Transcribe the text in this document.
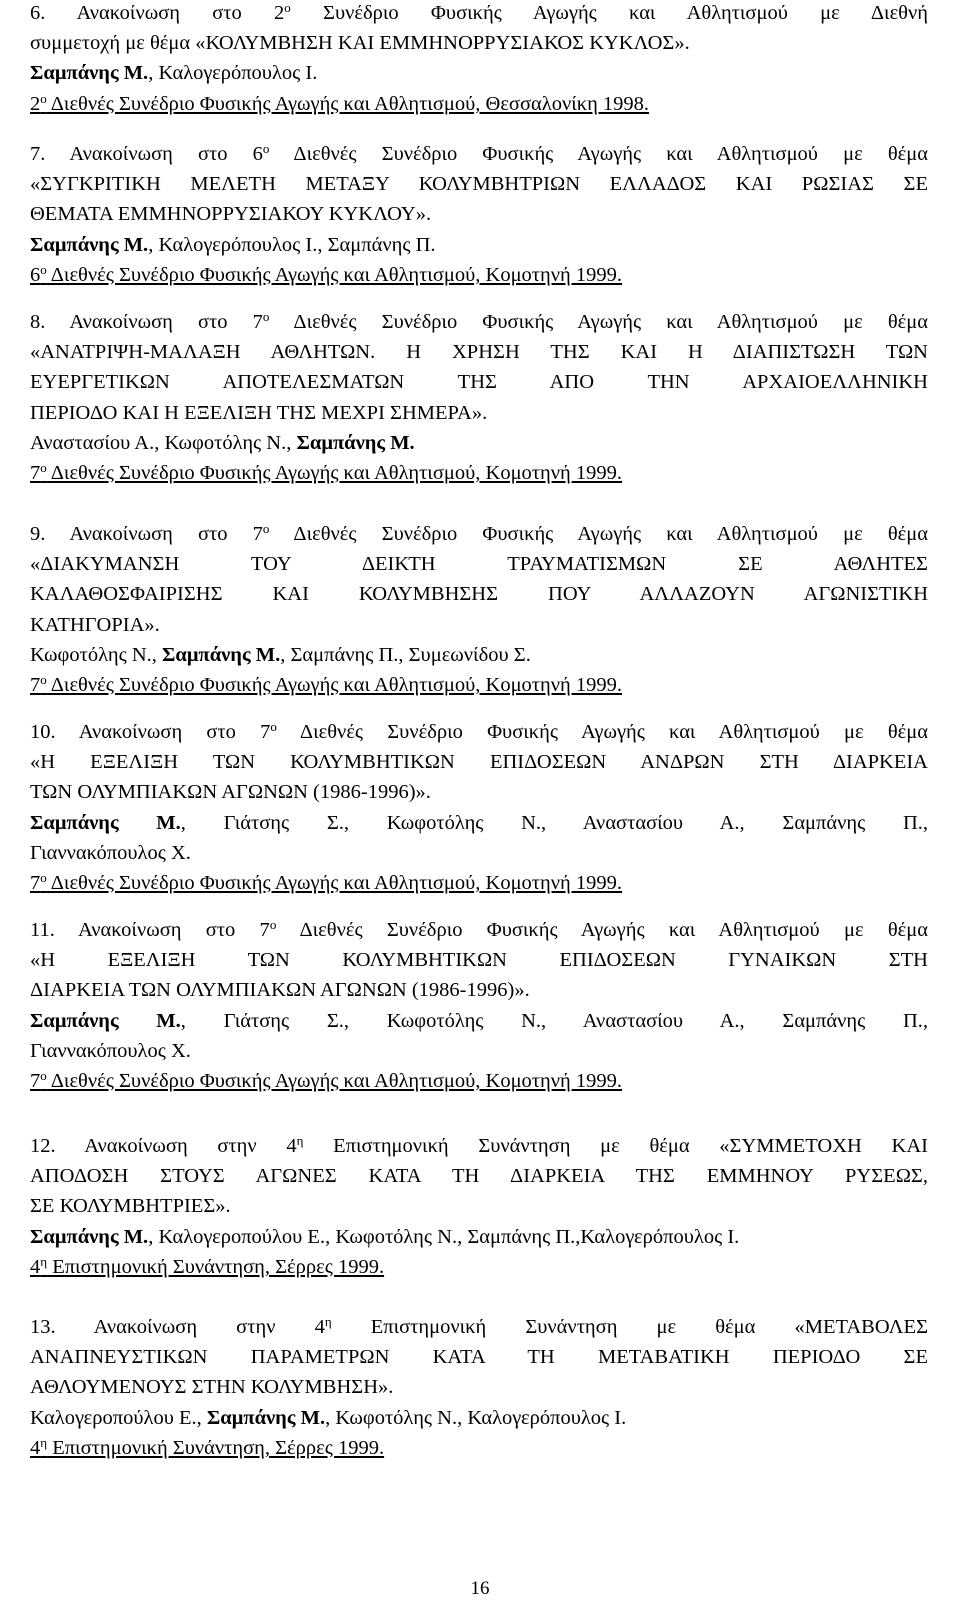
6. Ανακοίνωση στο $2^o$ Συνέδριο Φυσικής Αγωγής και Αθλητισμού με Διεθνή
συμμετοχή με θέμα «ΚΟΛΥΜΒΗΣΗ ΚΑΙ ΕΜΜΗΝΟΡΡΥΣΙΑΚΟΣ ΚΥΚΛΟΣ».
Σαμπάνης Μ., Καλογερόπουλος Ι.
$2^o$ Διεθνές Συνέδριο Φυσικής Αγωγής και Αθλητισμού, Θεσσαλονίκη 1998.
7. Ανακοίνωση στο $6^o$ Διεθνές Συνέδριο Φυσικής Αγωγής και Αθλητισμού με θέμα
«ΣΥΓΚΡΙΤΙΚΗ ΜΕΛΕΤΗ ΜΕΤΑΞΥ ΚΟΛΥΜΒΗΤΡΙΩΝ ΕΛΛΑΔΟΣ ΚΑΙ ΡΩΣΙΑΣ ΣΕ
ΘΕΜΑΤΑ ΕΜΜΗΝΟΡΡΥΣΙΑΚΟΥ ΚΥΚΛΟΥ».
Σαμπάνης Μ., Καλογερόπουλος Ι., Σαμπάνης Π.
$6^o$ Διεθνές Συνέδριο Φυσικής Αγωγής και Αθλητισμού, Κομοτηνή 1999.
8. Ανακοίνωση στο $7^o$ Διεθνές Συνέδριο Φυσικής Αγωγής και Αθλητισμού με θέμα
«ΑΝΑΤΡΙΨΗ-ΜΑΛΑΞΗ ΑΘΛΗΤΩΝ. Η ΧΡΗΣΗ ΤΗΣ ΚΑΙ Η ΔΙΑΠΙΣΤΩΣΗ ΤΩΝ
ΕΥΕΡΓΕΤΙΚΩΝ ΑΠΟΤΕΛΕΣΜΑΤΩΝ ΤΗΣ ΑΠΟ ΤΗΝ ΑΡΧΑΙΟΕΛΛΗΝΙΚΗ
ΠΕΡΙΟΔΟ ΚΑΙ Η ΕΞΕΛΙΞΗ ΤΗΣ ΜΕΧΡΙ ΣΗΜΕΡΑ».
Αναστασίου Α., Κωφοτόλης Ν., Σαμπάνης Μ.
$7^o$ Διεθνές Συνέδριο Φυσικής Αγωγής και Αθλητισμού, Κομοτηνή 1999.
9. Ανακοίνωση στο $7^o$ Διεθνές Συνέδριο Φυσικής Αγωγής και Αθλητισμού με θέμα
«ΔΙΑΚΥΜΑΝΣΗ ΤΟΥ ΔΕΙΚΤΗ ΤΡΑΥΜΑΤΙΣΜΩΝ ΣΕ ΑΘΛΗΤΕΣ
ΚΑΛΑΘΟΣΦΑΙΡΙΣΗΣ ΚΑΙ ΚΟΛΥΜΒΗΣΗΣ ΠΟΥ ΑΛΛΑΖΟΥΝ ΑΓΩΝΙΣΤΙΚΗ
ΚΑΤΗΓΟΡΙΑ».
Κωφοτόλης Ν., Σαμπάνης Μ., Σαμπάνης Π., Συμεωνίδου Σ.
$7^o$ Διεθνές Συνέδριο Φυσικής Αγωγής και Αθλητισμού, Κομοτηνή 1999.
10. Ανακοίνωση στο $7^o$ Διεθνές Συνέδριο Φυσικής Αγωγής και Αθλητισμού με θέμα
«Η ΕΞΕΛΙΞΗ ΤΩΝ ΚΟΛΥΜΒΗΤΙΚΩΝ ΕΠΙΔΟΣΕΩΝ ΑΝΔΡΩΝ ΣΤΗ ΔΙΑΡΚΕΙΑ
ΤΩΝ ΟΛΥΜΠΙΑΚΩΝ ΑΓΩΝΩΝ (1986-1996)».
Σαμπάνης Μ., Γιάτσης Σ., Κωφοτόλης Ν., Αναστασίου Α., Σαμπάνης Π.,
Γιαννακόπουλος Χ.
$7^o$ Διεθνές Συνέδριο Φυσικής Αγωγής και Αθλητισμού, Κομοτηνή 1999.
11. Ανακοίνωση στο $7^o$ Διεθνές Συνέδριο Φυσικής Αγωγής και Αθλητισμού με θέμα
«Η ΕΞΕΛΙΞΗ ΤΩΝ ΚΟΛΥΜΒΗΤΙΚΩΝ ΕΠΙΔΟΣΕΩΝ ΓΥΝΑΙΚΩΝ ΣΤΗ
ΔΙΑΡΚΕΙΑ ΤΩΝ ΟΛΥΜΠΙΑΚΩΝ ΑΓΩΝΩΝ (1986-1996)».
Σαμπάνης Μ., Γιάτσης Σ., Κωφοτόλης Ν., Αναστασίου Α., Σαμπάνης Π.,
Γιαννακόπουλος Χ.
$7^o$ Διεθνές Συνέδριο Φυσικής Αγωγής και Αθλητισμού, Κομοτηνή 1999.
12. Ανακοίνωση στην $4^\eta$ Επιστημονική Συνάντηση με θέμα «ΣΥΜΜΕΤΟΧΗ ΚΑΙ
ΑΠΟΔΟΣΗ ΣΤΟΥΣ ΑΓΩΝΕΣ ΚΑΤΑ ΤΗ ΔΙΑΡΚΕΙΑ ΤΗΣ ΕΜΜΗΝΟΥ ΡΥΣΕΩΣ,
ΣΕ ΚΟΛΥΜΒΗΤΡΙΕΣ».
Σαμπάνης Μ., Καλογεροπούλου Ε., Κωφοτόλης Ν., Σαμπάνης Π.,Καλογερόπουλος Ι.
$4^\eta$ Επιστημονική Συνάντηση, Σέρρες 1999.
13. Ανακοίνωση στην $4^\eta$ Επιστημονική Συνάντηση με θέμα «ΜΕΤΑΒΟΛΕΣ
ΑΝΑΠΝΕΥΣΤΙΚΩΝ ΠΑΡΑΜΕΤΡΩΝ ΚΑΤΑ ΤΗ ΜΕΤΑΒΑΤΙΚΗ ΠΕΡΙΟΔΟ ΣΕ
ΑΘΛΟΥΜΕΝΟΥΣ ΣΤΗΝ ΚΟΛΥΜΒΗΣΗ».
Καλογεροπούλου Ε., Σαμπάνης Μ., Κωφοτόλης Ν., Καλογερόπουλος Ι.
$4^\eta$ Επιστημονική Συνάντηση, Σέρρες 1999.
16
